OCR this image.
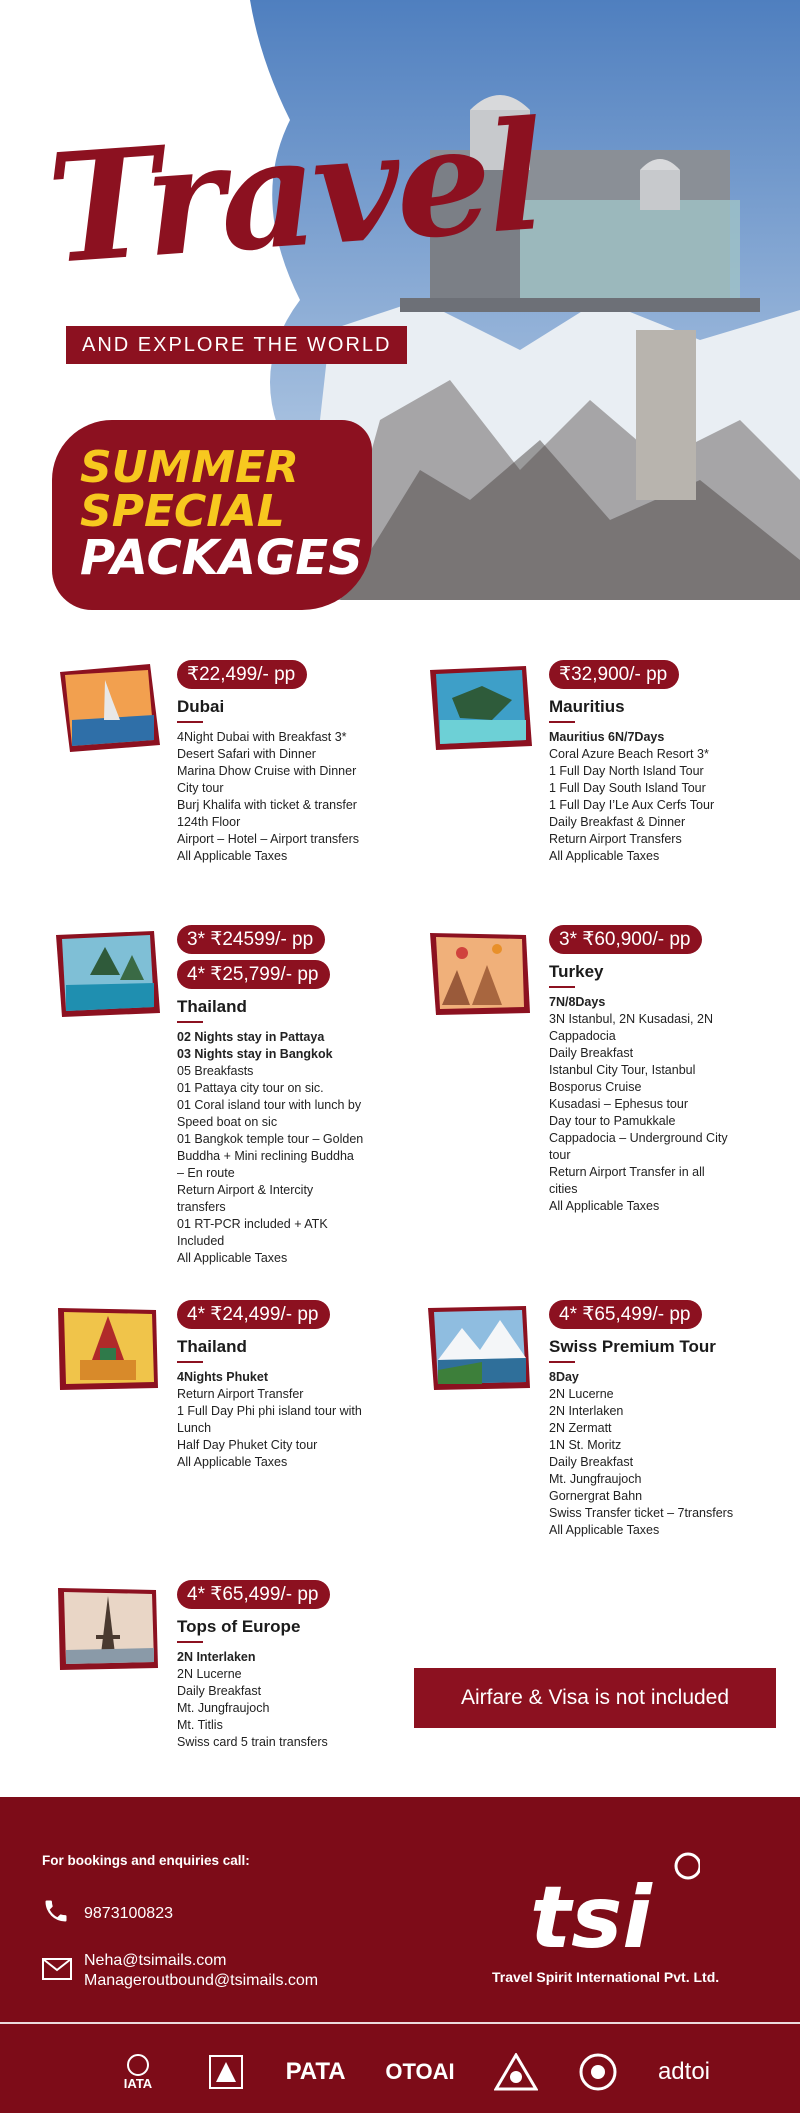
Travel
AND EXPLORE THE WORLD
SUMMER
SPECIAL
PACKAGES
₹22,499/- pp
Dubai
4Night Dubai with Breakfast 3*
Desert Safari with Dinner
Marina Dhow Cruise with Dinner
City tour
Burj Khalifa with ticket & transfer
124th Floor
Airport – Hotel – Airport transfers
All Applicable Taxes
₹32,900/- pp
Mauritius
Mauritius 6N/7Days
Coral Azure Beach Resort 3*
1 Full Day North Island Tour
1 Full Day South Island Tour
1 Full Day I’Le Aux Cerfs Tour
Daily Breakfast & Dinner
Return Airport Transfers
All Applicable Taxes
3* ₹24599/- pp 4* ₹25,799/- pp
Thailand
02 Nights stay in Pattaya
03 Nights stay in Bangkok
05 Breakfasts
01 Pattaya city tour on sic.
01 Coral island tour with lunch by
Speed boat on sic
01 Bangkok temple tour – Golden
Buddha + Mini reclining Buddha
– En route
Return Airport & Intercity
transfers
01 RT-PCR included + ATK
Included
All Applicable Taxes
3* ₹60,900/- pp
Turkey
7N/8Days
3N Istanbul, 2N Kusadasi, 2N
Cappadocia
Daily Breakfast
Istanbul City Tour, Istanbul
Bosporus Cruise
Kusadasi – Ephesus tour
Day tour to Pamukkale
Cappadocia – Underground City
tour
Return Airport Transfer in all
cities
All Applicable Taxes
4* ₹24,499/- pp
Thailand
4Nights Phuket
Return Airport Transfer
1 Full Day Phi phi island tour with
Lunch
Half Day Phuket City tour
All Applicable Taxes
4* ₹65,499/- pp
Swiss Premium Tour
8Day
2N Lucerne
2N Interlaken
2N Zermatt
1N St. Moritz
Daily Breakfast
Mt. Jungfraujoch
Gornergrat Bahn
Swiss Transfer ticket – 7transfers
All Applicable Taxes
4* ₹65,499/- pp
Tops of Europe
2N Interlaken
2N Lucerne
Daily Breakfast
Mt. Jungfraujoch
Mt. Titlis
Swiss card 5 train transfers
Airfare & Visa is not included
For bookings and enquiries call:
9873100823
Neha@tsimails.com
Manageroutbound@tsimails.com
tsi
Travel Spirit International Pvt. Ltd.
IATA	PATA OTOAI	adtoi
